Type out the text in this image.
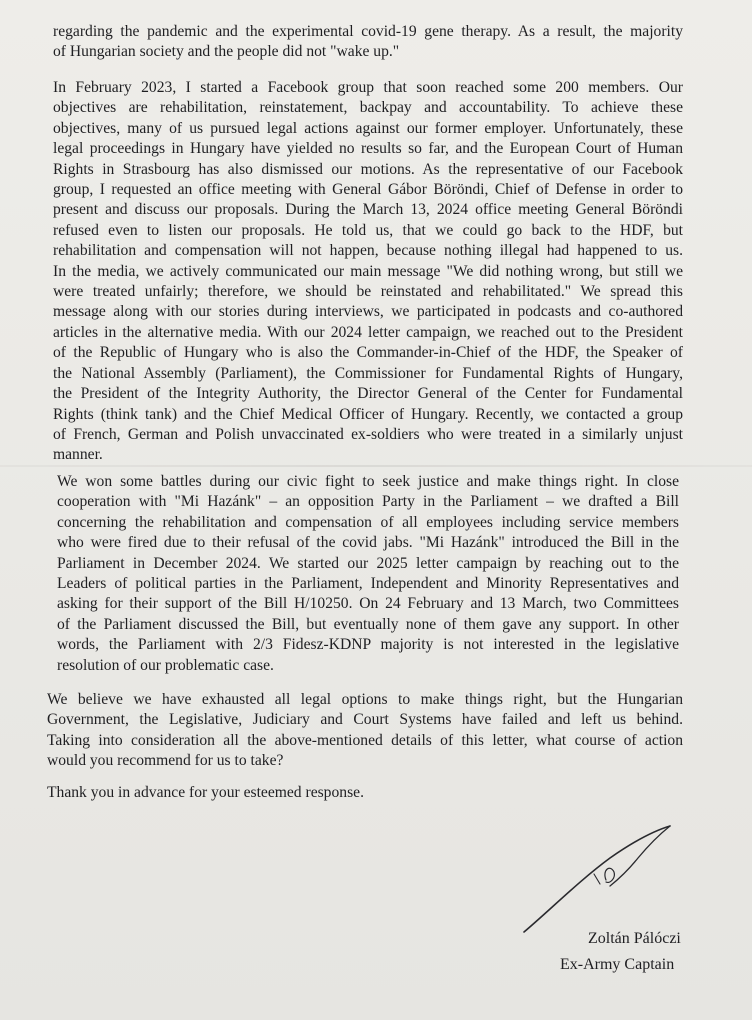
regarding the pandemic and the experimental covid-19 gene therapy. As a result, the majority
of Hungarian society and the people did not "wake up."
In February 2023, I started a Facebook group that soon reached some 200 members. Our
objectives are rehabilitation, reinstatement, backpay and accountability. To achieve these
objectives, many of us pursued legal actions against our former employer. Unfortunately, these
legal proceedings in Hungary have yielded no results so far, and the European Court of Human
Rights in Strasbourg has also dismissed our motions. As the representative of our Facebook
group, I requested an office meeting with General Gábor Böröndi, Chief of Defense in order to
present and discuss our proposals. During the March 13, 2024 office meeting General Böröndi
refused even to listen our proposals. He told us, that we could go back to the HDF, but
rehabilitation and compensation will not happen, because nothing illegal had happened to us.
In the media, we actively communicated our main message "We did nothing wrong, but still we
were treated unfairly; therefore, we should be reinstated and rehabilitated." We spread this
message along with our stories during interviews, we participated in podcasts and co-authored
articles in the alternative media. With our 2024 letter campaign, we reached out to the President
of the Republic of Hungary who is also the Commander-in-Chief of the HDF, the Speaker of
the National Assembly (Parliament), the Commissioner for Fundamental Rights of Hungary,
the President of the Integrity Authority, the Director General of the Center for Fundamental
Rights (think tank) and the Chief Medical Officer of Hungary. Recently, we contacted a group
of French, German and Polish unvaccinated ex-soldiers who were treated in a similarly unjust
manner.
We won some battles during our civic fight to seek justice and make things right. In close
cooperation with "Mi Hazánk" – an opposition Party in the Parliament – we drafted a Bill
concerning the rehabilitation and compensation of all employees including service members
who were fired due to their refusal of the covid jabs. "Mi Hazánk" introduced the Bill in the
Parliament in December 2024. We started our 2025 letter campaign by reaching out to the
Leaders of political parties in the Parliament, Independent and Minority Representatives and
asking for their support of the Bill H/10250. On 24 February and 13 March, two Committees
of the Parliament discussed the Bill, but eventually none of them gave any support. In other
words, the Parliament with 2/3 Fidesz-KDNP majority is not interested in the legislative
resolution of our problematic case.
We believe we have exhausted all legal options to make things right, but the Hungarian
Government, the Legislative, Judiciary and Court Systems have failed and left us behind.
Taking into consideration all the above-mentioned details of this letter, what course of action
would you recommend for us to take?
Thank you in advance for your esteemed response.
Zoltán Pálóczi
Ex-Army Captain
